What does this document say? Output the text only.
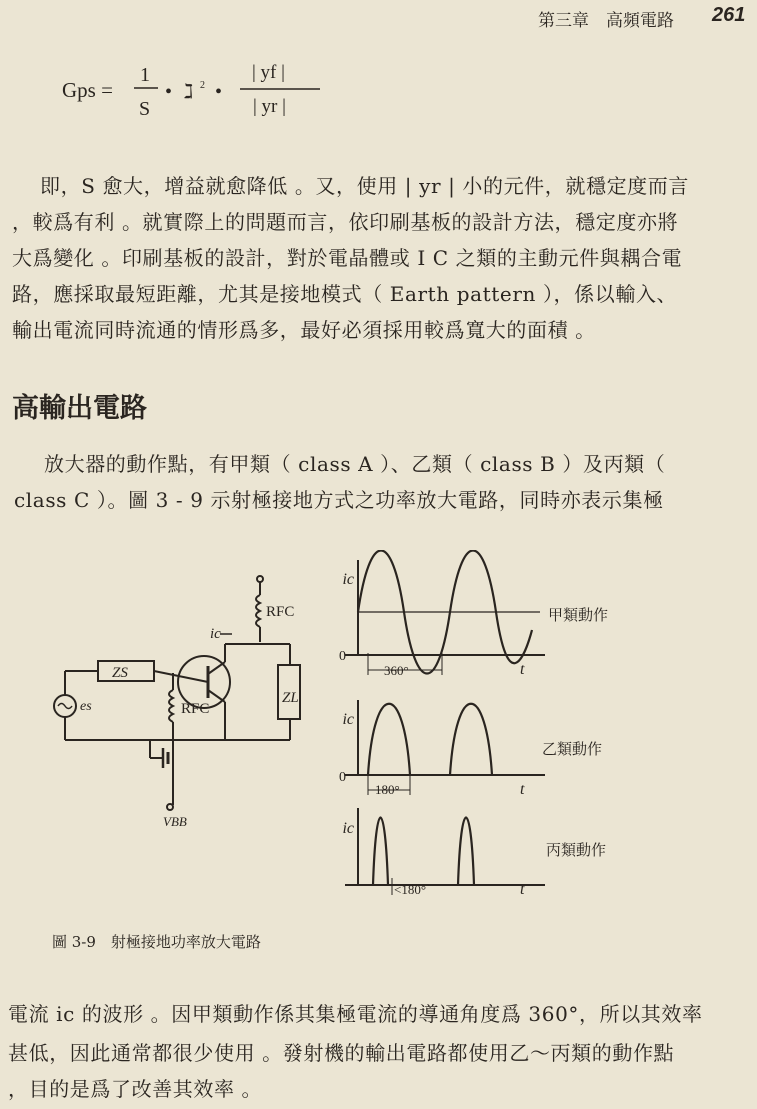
第三章　高頻電路 261
Gps =
1
S
• ℷ 2 •
| yf |
| yr |
即，S 愈大，增益就愈降低 。又，使用 | yr | 小的元件，就穩定度而言
，較爲有利 。就實際上的問題而言，依印刷基板的設計方法，穩定度亦將
大爲變化 。印刷基板的設計，對於電晶體或 I C 之類的主動元件與耦合電
路，應採取最短距離，尤其是接地模式（ Earth pattern ），係以輸入、
輸出電流同時流通的情形爲多，最好必須採用較爲寬大的面積 。
高輸出電路
放大器的動作點，有甲類（ class A ）、乙類（ class B ）及丙類（
class C ）。圖 3 - 9 示射極接地方式之功率放大電路，同時亦表示集極
RFC
ZL
ic
ZS
RFC
es
VBB
360°
ic
0
t
甲類動作
180°
ic
0
t
乙類動作
<180°
ic
t
丙類動作
圖 3-9　射極接地功率放大電路
電流 ic 的波形 。因甲類動作係其集極電流的導通角度爲 360°，所以其效率
甚低，因此通常都很少使用 。發射機的輸出電路都使用乙～丙類的動作點
，目的是爲了改善其效率 。
